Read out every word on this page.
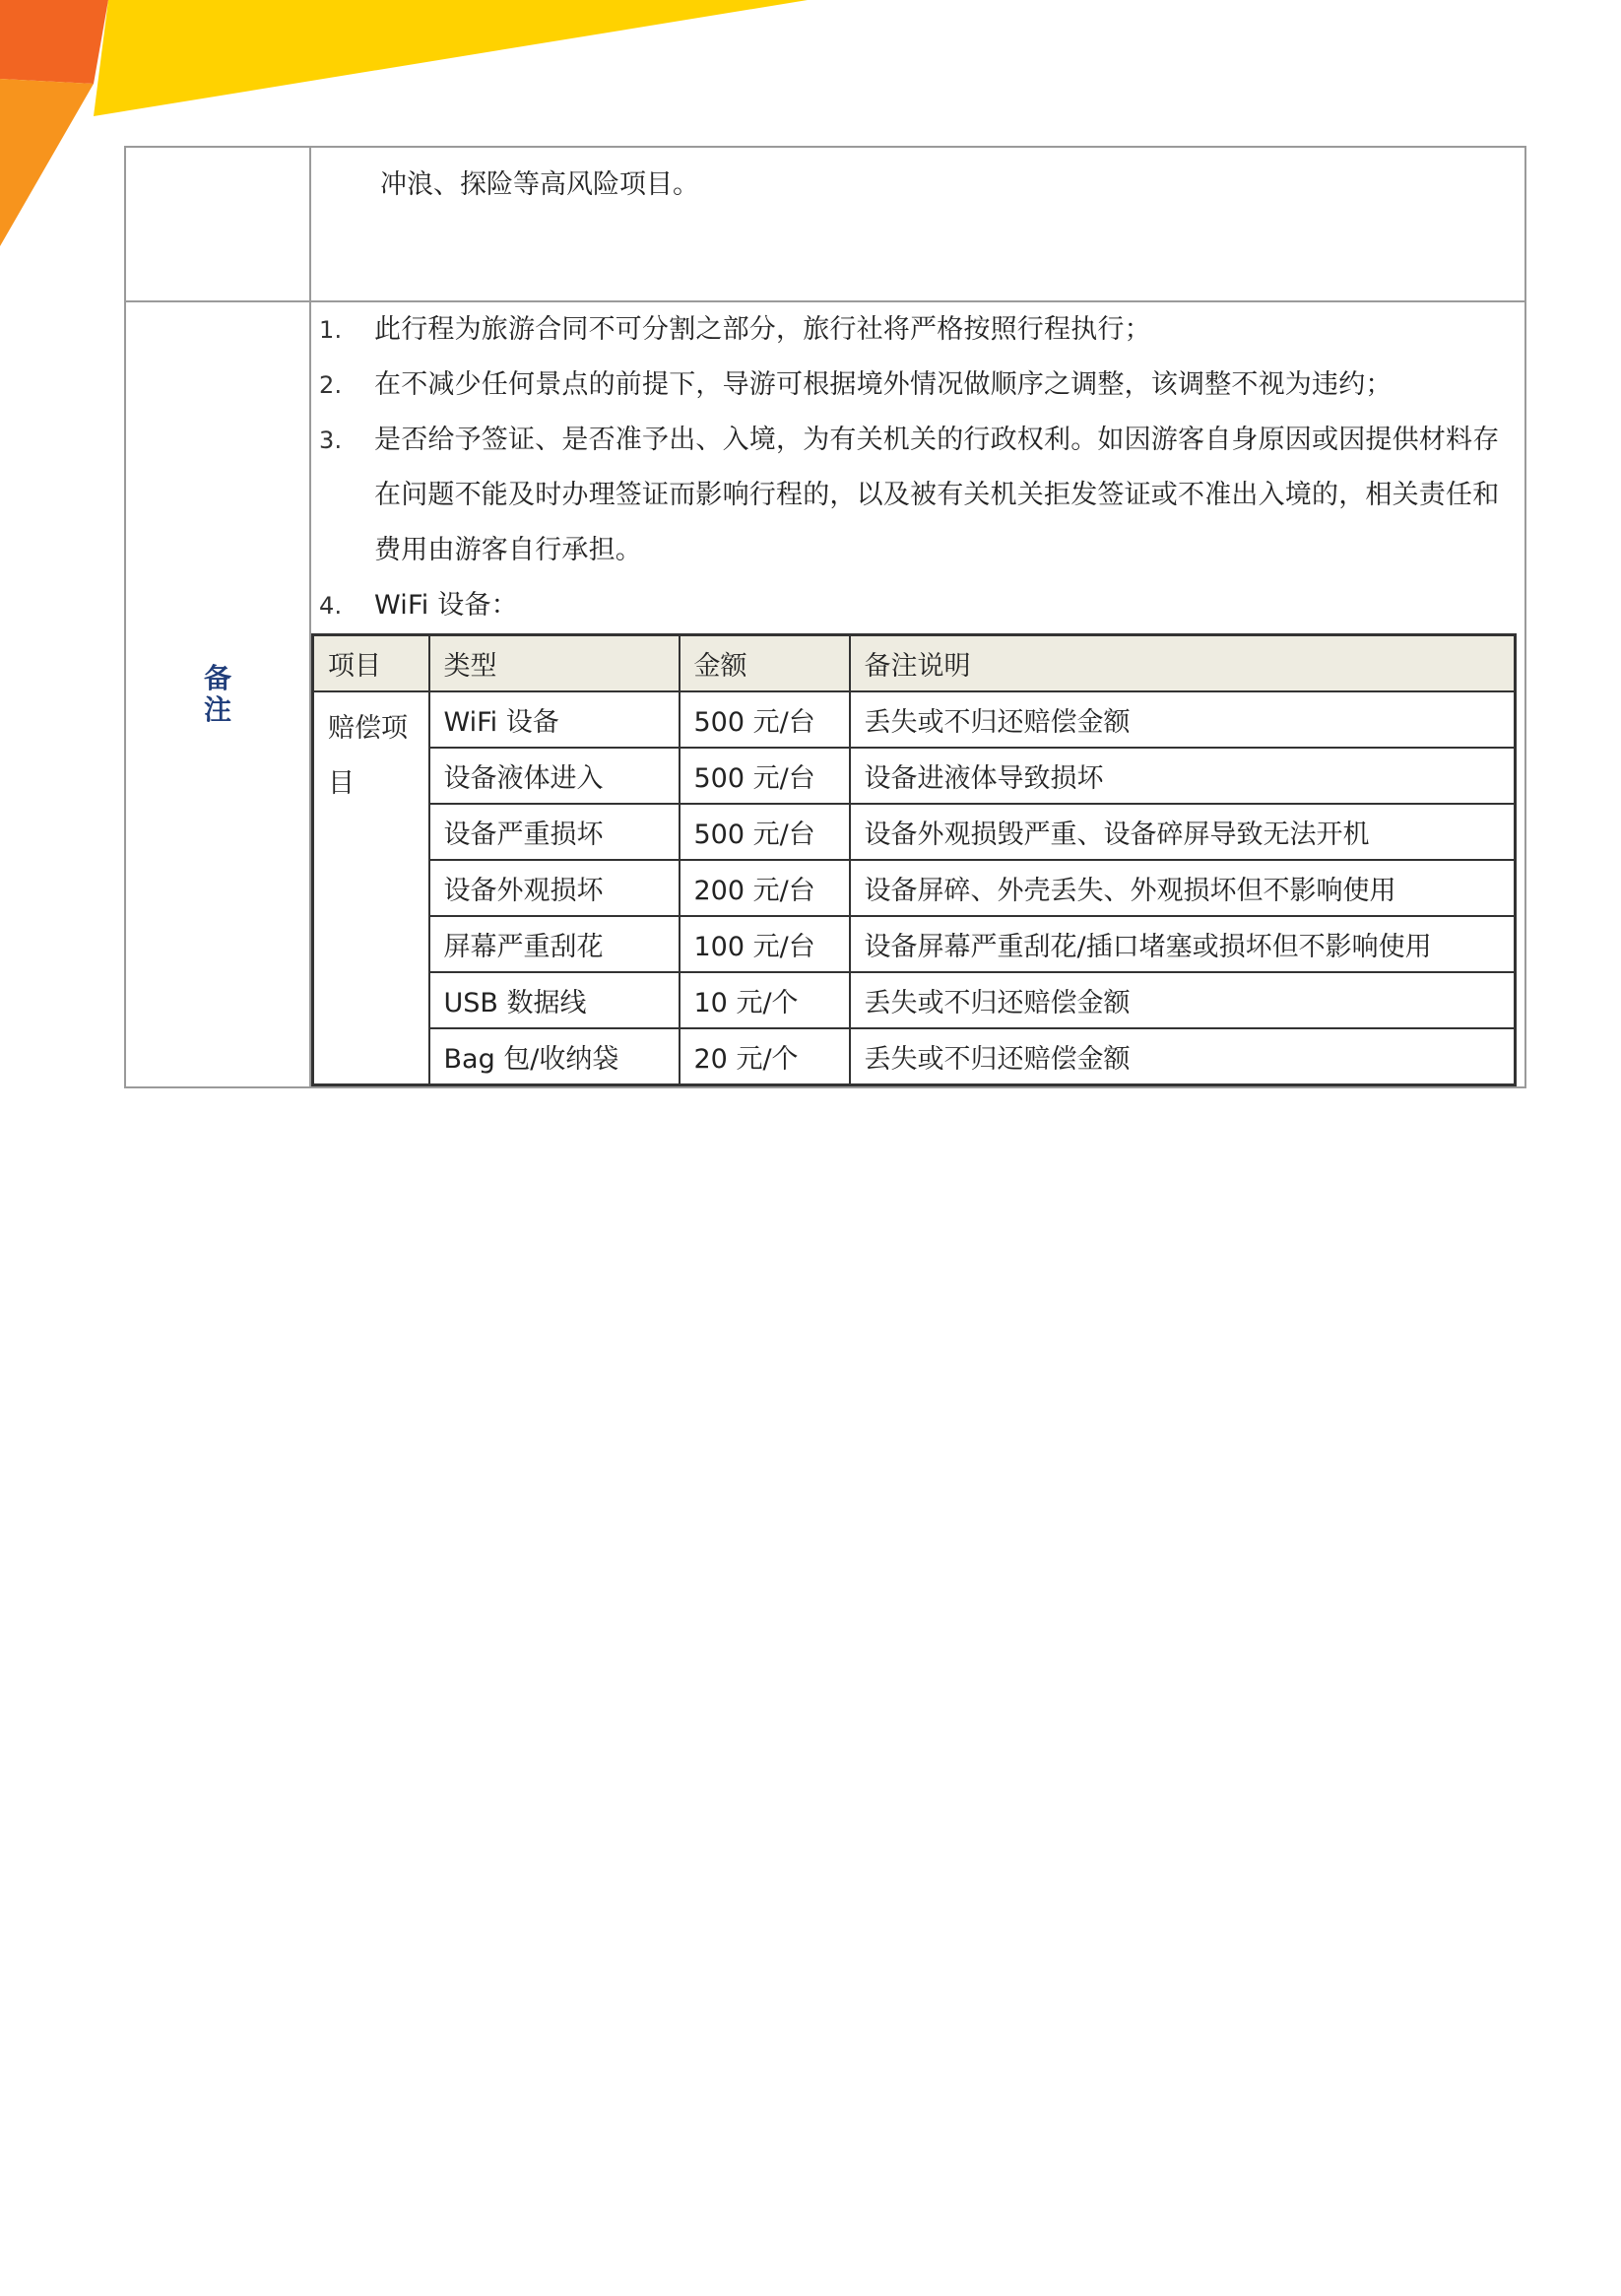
冲浪、探险等高风险项目。

备注

1. 此行程为旅游合同不可分割之部分，旅行社将严格按照行程执行；
2. 在不减少任何景点的前提下，导游可根据境外情况做顺序之调整，该调整不视为违约；
3. 是否给予签证、是否准予出、入境，为有关机关的行政权利。如因游客自身原因或因提供材料存在问题不能及时办理签证而影响行程的，以及被有关机关拒发签证或不准出入境的，相关责任和费用由游客自行承担。
4. WiFi 设备：
项目	类型	金额	备注说明
赔偿项目	WiFi 设备	500 元/台	丢失或不归还赔偿金额
设备液体进入	500 元/台	设备进液体导致损坏
设备严重损坏	500 元/台	设备外观损毁严重、设备碎屏导致无法开机
设备外观损坏	200 元/台	设备屏碎、外壳丢失、外观损坏但不影响使用
屏幕严重刮花	100 元/台	设备屏幕严重刮花/插口堵塞或损坏但不影响使用
USB 数据线	10 元/个	丢失或不归还赔偿金额
Bag 包/收纳袋	20 元/个	丢失或不归还赔偿金额
